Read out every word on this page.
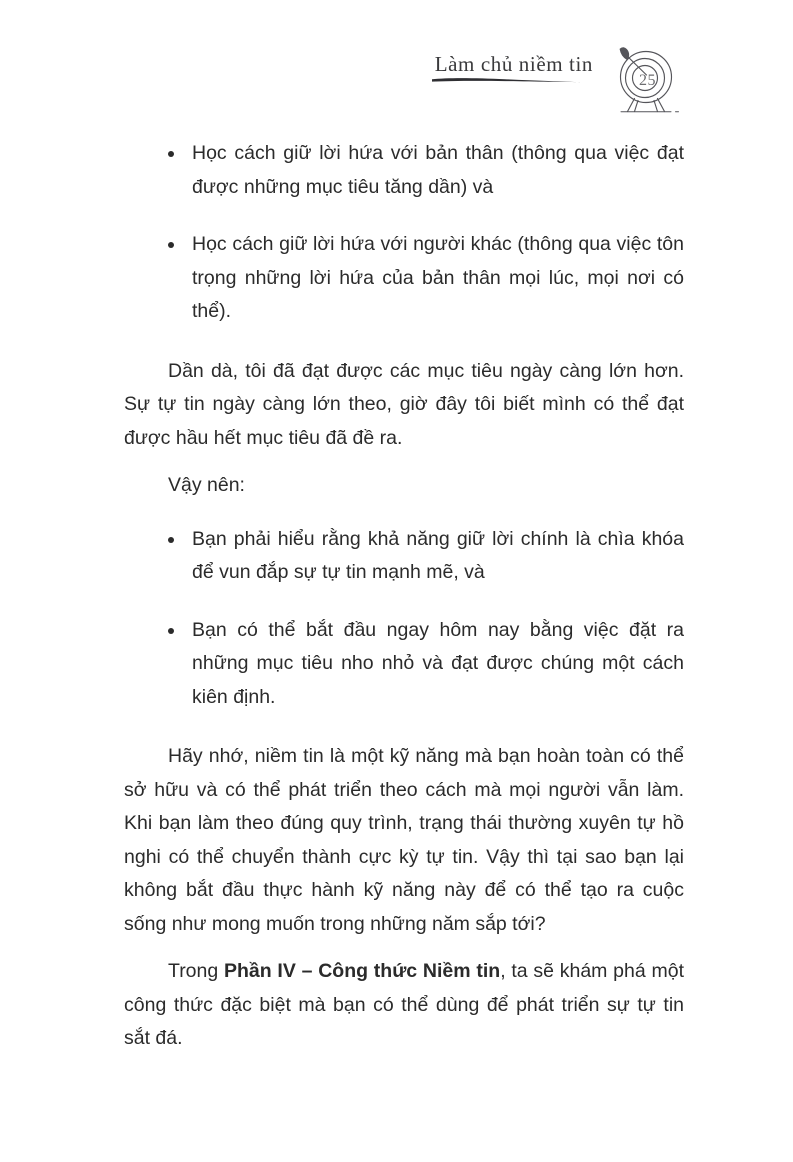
Làm chủ niềm tin
25
Học cách giữ lời hứa với bản thân (thông qua việc đạt được những mục tiêu tăng dần) và
Học cách giữ lời hứa với người khác (thông qua việc tôn trọng những lời hứa của bản thân mọi lúc, mọi nơi có thể).

Dần dà, tôi đã đạt được các mục tiêu ngày càng lớn hơn. Sự tự tin ngày càng lớn theo, giờ đây tôi biết mình có thể đạt được hầu hết mục tiêu đã đề ra.

Vậy nên:

Bạn phải hiểu rằng khả năng giữ lời chính là chìa khóa để vun đắp sự tự tin mạnh mẽ, và
Bạn có thể bắt đầu ngay hôm nay bằng việc đặt ra những mục tiêu nho nhỏ và đạt được chúng một cách kiên định.

Hãy nhớ, niềm tin là một kỹ năng mà bạn hoàn toàn có thể sở hữu và có thể phát triển theo cách mà mọi người vẫn làm. Khi bạn làm theo đúng quy trình, trạng thái thường xuyên tự hồ nghi có thể chuyển thành cực kỳ tự tin. Vậy thì tại sao bạn lại không bắt đầu thực hành kỹ năng này để có thể tạo ra cuộc sống như mong muốn trong những năm sắp tới?

Trong Phần IV – Công thức Niềm tin, ta sẽ khám phá một công thức đặc biệt mà bạn có thể dùng để phát triển sự tự tin sắt đá.
